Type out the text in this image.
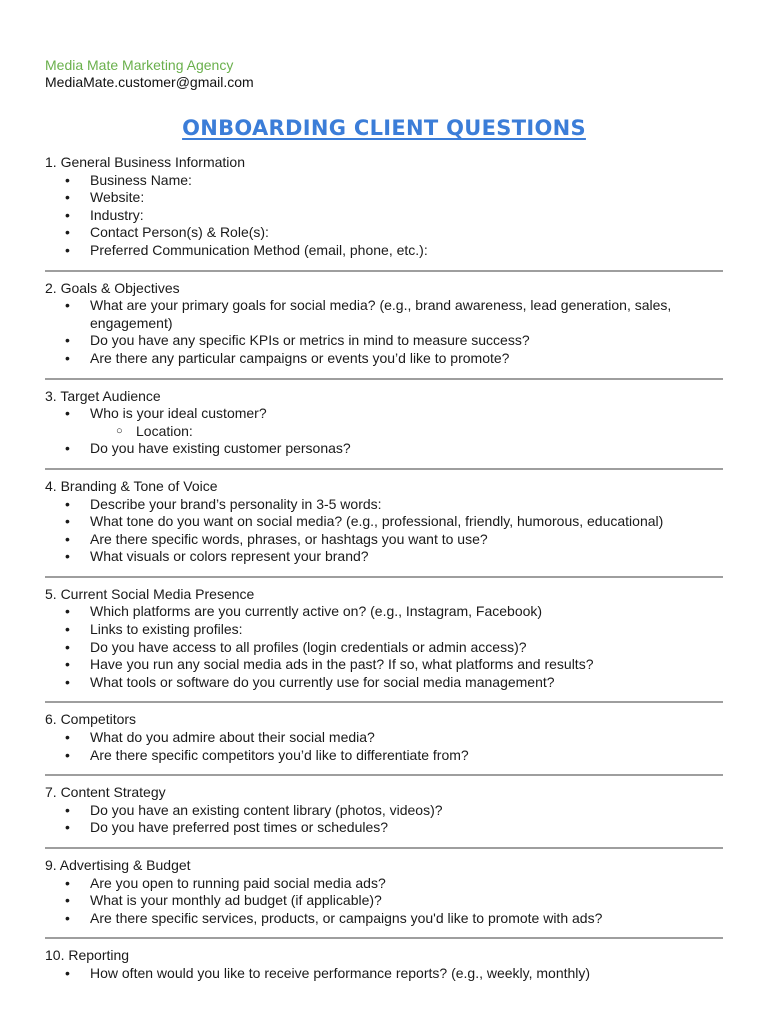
Media Mate Marketing Agency
MediaMate.customer@gmail.com
ONBOARDING CLIENT QUESTIONS
1. General Business Information
• Business Name:
• Website:
• Industry:
• Contact Person(s) & Role(s):
• Preferred Communication Method (email, phone, etc.):
2. Goals & Objectives
• What are your primary goals for social media? (e.g., brand awareness, lead generation, sales, engagement)
• Do you have any specific KPIs or metrics in mind to measure success?
• Are there any particular campaigns or events you’d like to promote?
3. Target Audience
• Who is your ideal customer?
○ Location:
• Do you have existing customer personas?
4. Branding & Tone of Voice
• Describe your brand’s personality in 3-5 words:
• What tone do you want on social media? (e.g., professional, friendly, humorous, educational)
• Are there specific words, phrases, or hashtags you want to use?
• What visuals or colors represent your brand?
5. Current Social Media Presence
• Which platforms are you currently active on? (e.g., Instagram, Facebook)
• Links to existing profiles:
• Do you have access to all profiles (login credentials or admin access)?
• Have you run any social media ads in the past? If so, what platforms and results?
• What tools or software do you currently use for social media management?
6. Competitors
• What do you admire about their social media?
• Are there specific competitors you’d like to differentiate from?
7. Content Strategy
• Do you have an existing content library (photos, videos)?
• Do you have preferred post times or schedules?
9. Advertising & Budget
• Are you open to running paid social media ads?
• What is your monthly ad budget (if applicable)?
• Are there specific services, products, or campaigns you'd like to promote with ads?
10. Reporting
• How often would you like to receive performance reports? (e.g., weekly, monthly)
